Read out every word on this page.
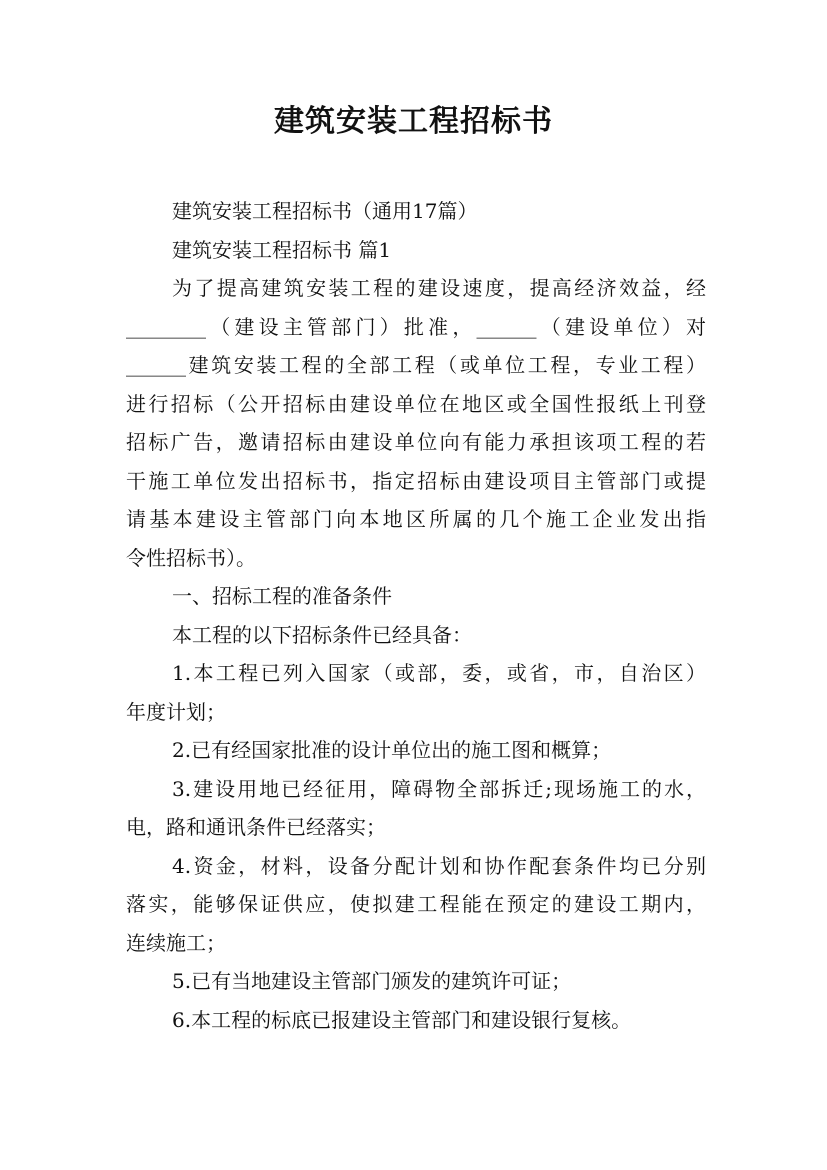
建筑安装工程招标书
建筑安装工程招标书（通用17篇）
建筑安装工程招标书 篇1
为了提高建筑安装工程的建设速度，提高经济效益，经
________（建设主管部门）批准，______（建设单位）对
______建筑安装工程的全部工程（或单位工程，专业工程）
进行招标（公开招标由建设单位在地区或全国性报纸上刊登
招标广告，邀请招标由建设单位向有能力承担该项工程的若
干施工单位发出招标书，指定招标由建设项目主管部门或提
请基本建设主管部门向本地区所属的几个施工企业发出指
令性招标书）。
一、招标工程的准备条件
本工程的以下招标条件已经具备：
1.本工程已列入国家（或部，委，或省，市，自治区）
年度计划；
2.已有经国家批准的设计单位出的施工图和概算；
3.建设用地已经征用，障碍物全部拆迁;现场施工的水，
电，路和通讯条件已经落实；
4.资金，材料，设备分配计划和协作配套条件均已分别
落实，能够保证供应，使拟建工程能在预定的建设工期内，
连续施工；
5.已有当地建设主管部门颁发的建筑许可证；
6.本工程的标底已报建设主管部门和建设银行复核。
